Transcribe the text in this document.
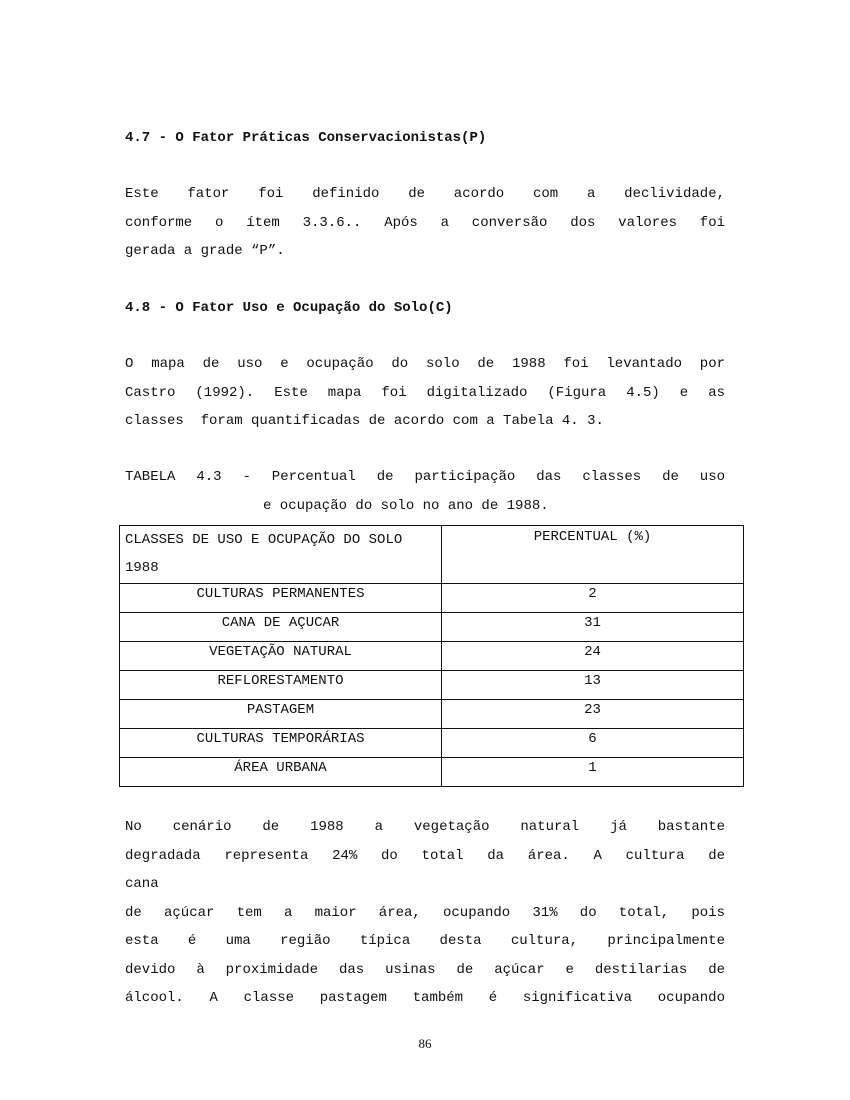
4.7 - O Fator Práticas Conservacionistas(P)
Este fator foi definido de acordo com a declividade,
conforme o ítem 3.3.6.. Após a conversão dos valores foi
gerada a grade “P”.
4.8 - O Fator Uso e Ocupação do Solo(C)
O mapa de uso e ocupação do solo de 1988 foi levantado por
Castro (1992). Este mapa foi digitalizado (Figura 4.5) e as
classes  foram quantificadas de acordo com a Tabela 4. 3.
TABELA 4.3 - Percentual de participação das classes de uso
e ocupação do solo no ano de 1988.
CLASSES DE USO E OCUPAÇÃO DO SOLO 1988	PERCENTUAL (%)
CULTURAS PERMANENTES	2
CANA DE AÇUCAR	31
VEGETAÇÃO NATURAL	24
REFLORESTAMENTO	13
PASTAGEM	23
CULTURAS TEMPORÁRIAS	6
ÁREA URBANA	1
No cenário de 1988 a vegetação natural já bastante
degradada representa 24% do total da área. A cultura de
cana
de açúcar tem a maior área, ocupando 31% do total, pois
esta é uma região típica desta cultura, principalmente
devido à proximidade das usinas de açúcar e destilarias de
álcool. A classe pastagem também é significativa ocupando
86
